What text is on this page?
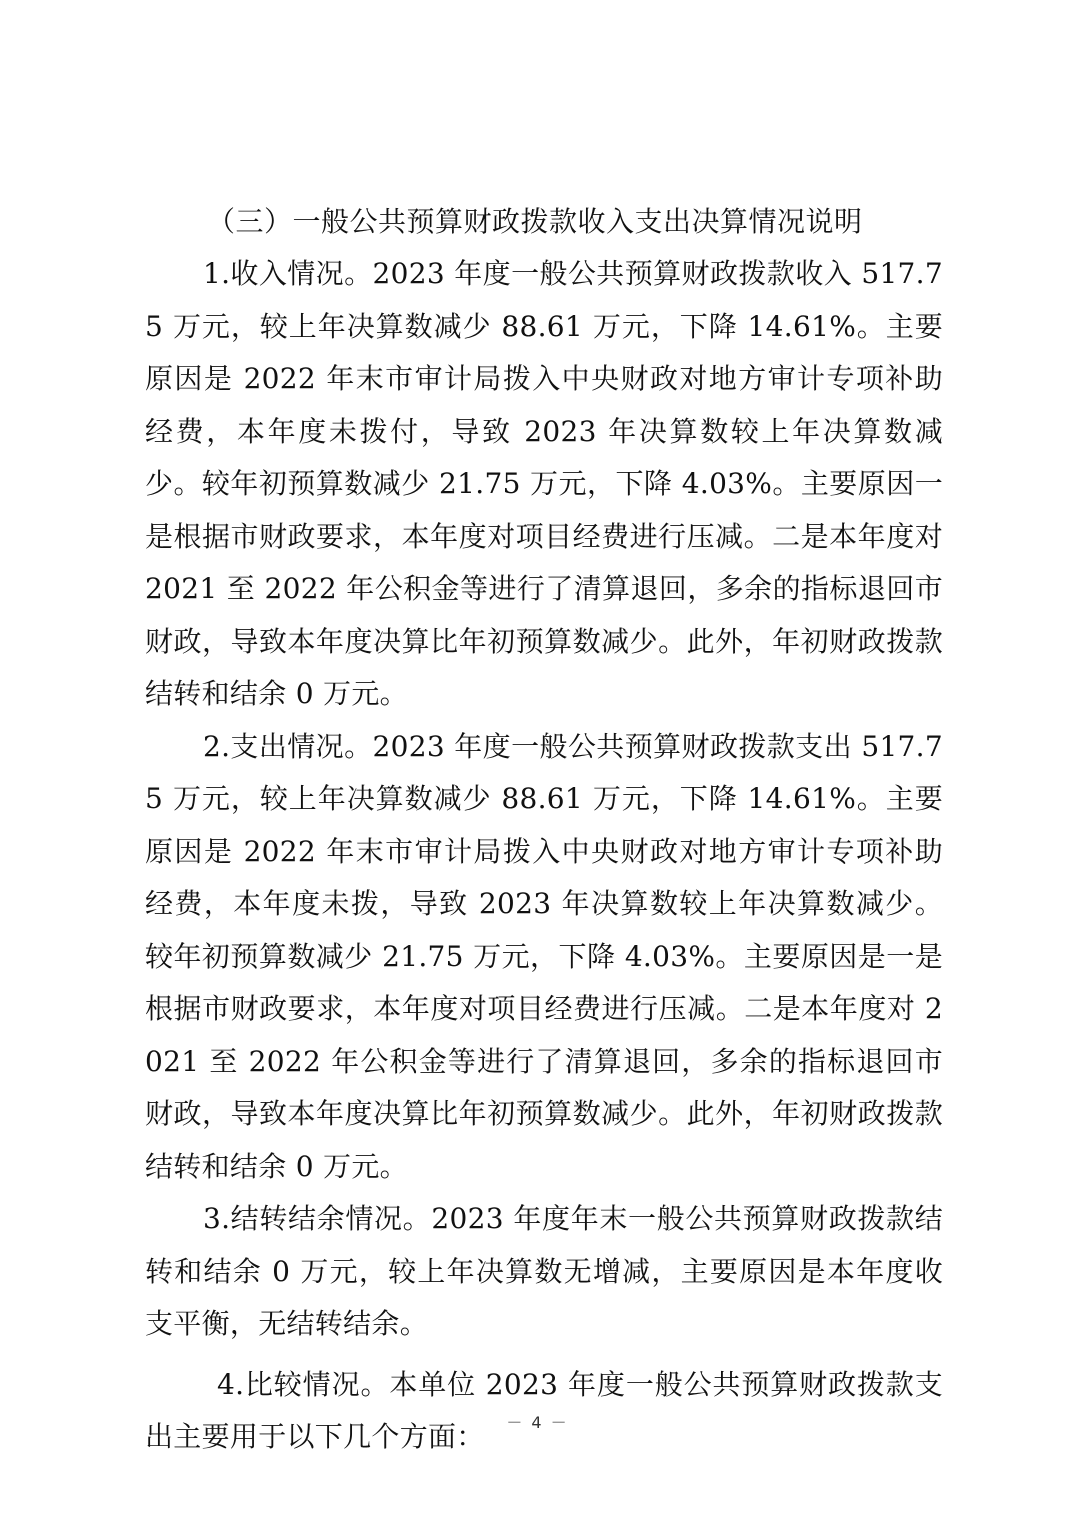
（三）一般公共预算财政拨款收入支出决算情况说明

1.收入情况。2023 年度一般公共预算财政拨款收入 517.75 万元，较上年决算数减少 88.61 万元，下降 14.61%。主要原因是 2022 年末市审计局拨入中央财政对地方审计专项补助经费，本年度未拨付，导致 2023 年决算数较上年决算数减少。较年初预算数减少 21.75 万元，下降 4.03%。主要原因一是根据市财政要求，本年度对项目经费进行压减。二是本年度对 2021 至 2022 年公积金等进行了清算退回，多余的指标退回市财政，导致本年度决算比年初预算数减少。此外，年初财政拨款结转和结余 0 万元。

2.支出情况。2023 年度一般公共预算财政拨款支出 517.75 万元，较上年决算数减少 88.61 万元，下降 14.61%。主要原因是 2022 年末市审计局拨入中央财政对地方审计专项补助经费，本年度未拨，导致 2023 年决算数较上年决算数减少。较年初预算数减少 21.75 万元，下降 4.03%。主要原因是一是根据市财政要求，本年度对项目经费进行压减。二是本年度对 2021 至 2022 年公积金等进行了清算退回，多余的指标退回市财政，导致本年度决算比年初预算数减少。此外，年初财政拨款结转和结余 0 万元。

3.结转结余情况。2023 年度年末一般公共预算财政拨款结转和结余 0 万元，较上年决算数无增减，主要原因是本年度收支平衡，无结转结余。

4.比较情况。本单位 2023 年度一般公共预算财政拨款支出主要用于以下几个方面：	－ 4 －
